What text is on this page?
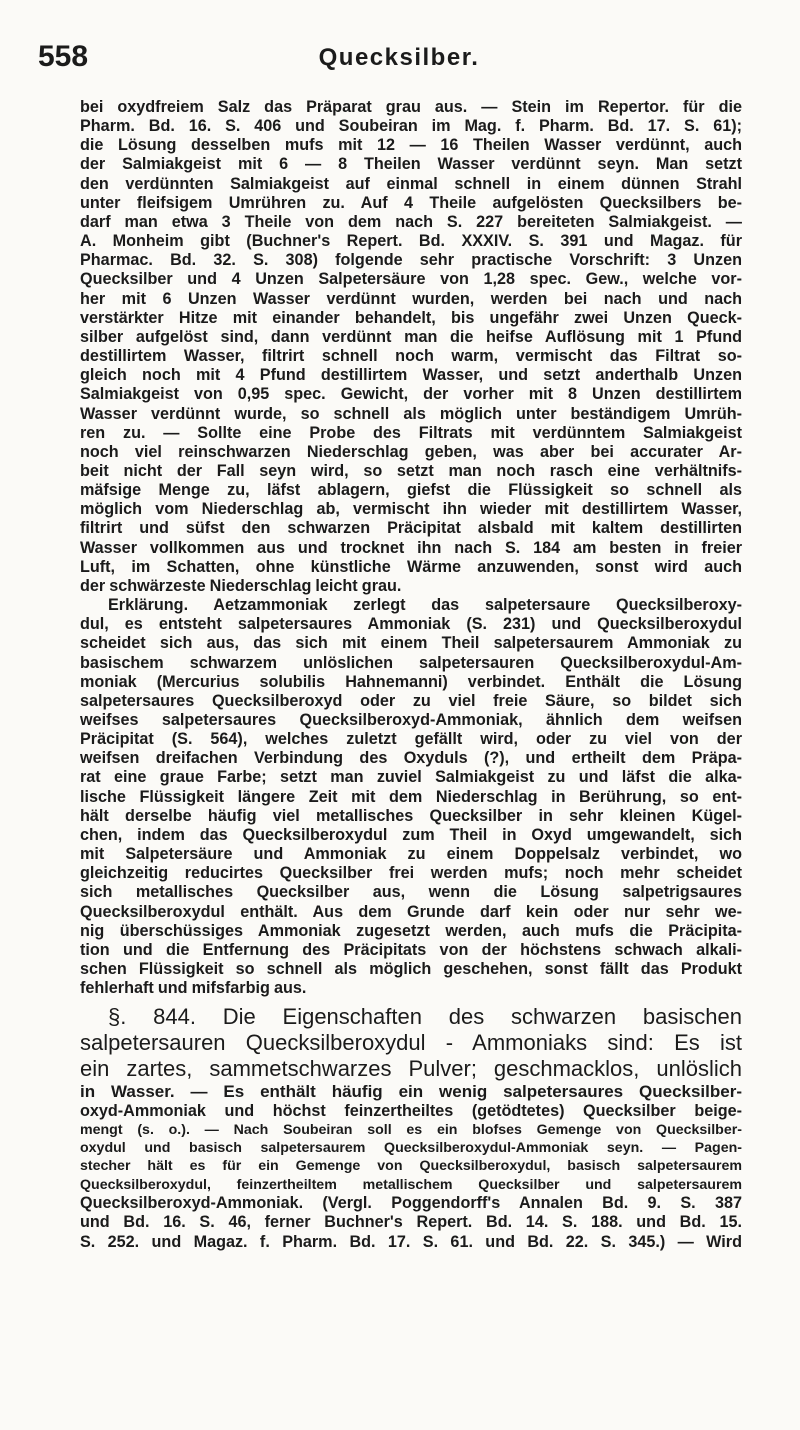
558	Quecksilber.

bei oxydfreiem Salz das Präparat grau aus. — Stein im Repertor. für die
Pharm. Bd. 16. S. 406 und Soubeiran im Mag. f. Pharm. Bd. 17. S. 61);
die Lösung desselben mufs mit 12 — 16 Theilen Wasser verdünnt, auch
der Salmiakgeist mit 6 — 8 Theilen Wasser verdünnt seyn. Man setzt
den verdünnten Salmiakgeist auf einmal schnell in einem dünnen Strahl
unter fleifsigem Umrühren zu. Auf 4 Theile aufgelösten Quecksilbers be-
darf man etwa 3 Theile von dem nach S. 227 bereiteten Salmiakgeist. —
A. Monheim gibt (Buchner's Repert. Bd. XXXIV. S. 391 und Magaz. für
Pharmac. Bd. 32. S. 308) folgende sehr practische Vorschrift: 3 Unzen
Quecksilber und 4 Unzen Salpetersäure von 1,28 spec. Gew., welche vor-
her mit 6 Unzen Wasser verdünnt wurden, werden bei nach und nach
verstärkter Hitze mit einander behandelt, bis ungefähr zwei Unzen Queck-
silber aufgelöst sind, dann verdünnt man die heifse Auflösung mit 1 Pfund
destillirtem Wasser, filtrirt schnell noch warm, vermischt das Filtrat so-
gleich noch mit 4 Pfund destillirtem Wasser, und setzt anderthalb Unzen
Salmiakgeist von 0,95 spec. Gewicht, der vorher mit 8 Unzen destillirtem
Wasser verdünnt wurde, so schnell als möglich unter beständigem Umrüh-
ren zu. — Sollte eine Probe des Filtrats mit verdünntem Salmiakgeist
noch viel reinschwarzen Niederschlag geben, was aber bei accurater Ar-
beit nicht der Fall seyn wird, so setzt man noch rasch eine verhältnifs-
mäfsige Menge zu, läfst ablagern, giefst die Flüssigkeit so schnell als
möglich vom Niederschlag ab, vermischt ihn wieder mit destillirtem Wasser,
filtrirt und süfst den schwarzen Präcipitat alsbald mit kaltem destillirten
Wasser vollkommen aus und trocknet ihn nach S. 184 am besten in freier
Luft, im Schatten, ohne künstliche Wärme anzuwenden, sonst wird auch
der schwärzeste Niederschlag leicht grau.

Erklärung. Aetzammoniak zerlegt das salpetersaure Quecksilberoxy-
dul, es entsteht salpetersaures Ammoniak (S. 231) und Quecksilberoxydul
scheidet sich aus, das sich mit einem Theil salpetersaurem Ammoniak zu
basischem schwarzem unlöslichen salpetersauren Quecksilberoxydul-Am-
moniak (Mercurius solubilis Hahnemanni) verbindet. Enthält die Lösung
salpetersaures Quecksilberoxyd oder zu viel freie Säure, so bildet sich
weifses salpetersaures Quecksilberoxyd-Ammoniak, ähnlich dem weifsen
Präcipitat (S. 564), welches zuletzt gefällt wird, oder zu viel von der
weifsen dreifachen Verbindung des Oxyduls (?), und ertheilt dem Präpa-
rat eine graue Farbe; setzt man zuviel Salmiakgeist zu und läfst die alka-
lische Flüssigkeit längere Zeit mit dem Niederschlag in Berührung, so ent-
hält derselbe häufig viel metallisches Quecksilber in sehr kleinen Kügel-
chen, indem das Quecksilberoxydul zum Theil in Oxyd umgewandelt, sich
mit Salpetersäure und Ammoniak zu einem Doppelsalz verbindet, wo
gleichzeitig reducirtes Quecksilber frei werden mufs; noch mehr scheidet
sich metallisches Quecksilber aus, wenn die Lösung salpetrigsaures
Quecksilberoxydul enthält. Aus dem Grunde darf kein oder nur sehr we-
nig überschüssiges Ammoniak zugesetzt werden, auch mufs die Präcipita-
tion und die Entfernung des Präcipitats von der höchstens schwach alkali-
schen Flüssigkeit so schnell als möglich geschehen, sonst fällt das Produkt
fehlerhaft und mifsfarbig aus.

§. 844. Die Eigenschaften des schwarzen basischen
salpetersauren Quecksilberoxydul - Ammoniaks sind: Es ist
ein zartes, sammetschwarzes Pulver; geschmacklos, unlöslich

in Wasser. — Es enthält häufig ein wenig salpetersaures Quecksilber-
oxyd-Ammoniak und höchst feinzertheiltes (getödtetes) Quecksilber beige-
mengt (s. o.). — Nach Soubeiran soll es ein blofses Gemenge von Quecksilber-
oxydul und basisch salpetersaurem Quecksilberoxydul-Ammoniak seyn. — Pagen-
stecher hält es für ein Gemenge von Quecksilberoxydul, basisch salpetersaurem
Quecksilberoxydul, feinzertheiltem metallischem Quecksilber und salpetersaurem
Quecksilberoxyd-Ammoniak. (Vergl. Poggendorff's Annalen Bd. 9. S. 387
und Bd. 16. S. 46, ferner Buchner's Repert. Bd. 14. S. 188. und Bd. 15.
S. 252. und Magaz. f. Pharm. Bd. 17. S. 61. und Bd. 22. S. 345.) — Wird
